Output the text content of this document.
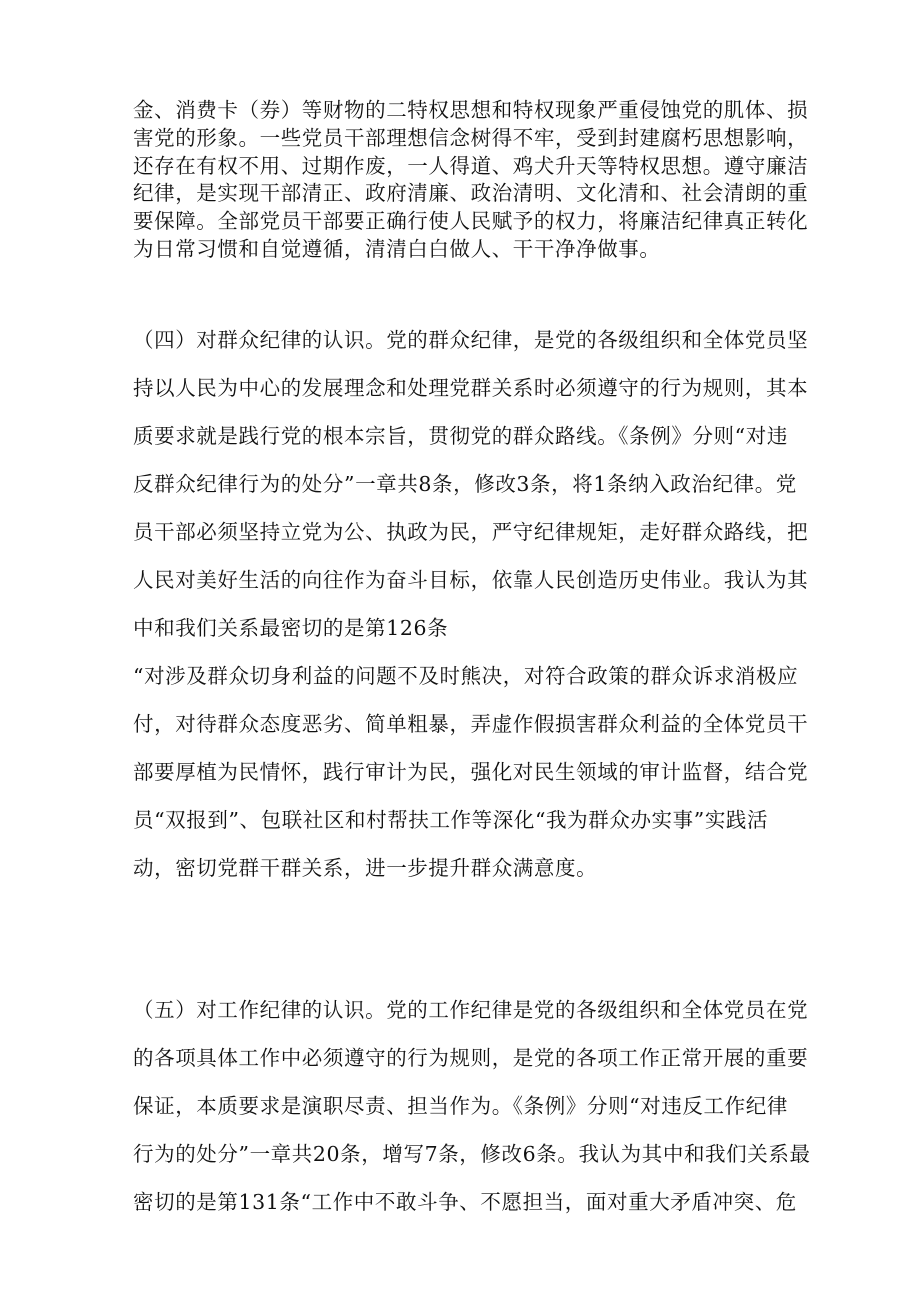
金、消费卡（券）等财物的二特权思想和特权现象严重侵蚀党的肌体、损
害党的形象。一些党员干部理想信念树得不牢，受到封建腐朽思想影响，
还存在有权不用、过期作废，一人得道、鸡犬升天等特权思想。遵守廉洁
纪律，是实现干部清正、政府清廉、政治清明、文化清和、社会清朗的重
要保障。全部党员干部要正确行使人民赋予的权力，将廉洁纪律真正转化
为日常习惯和自觉遵循，清清白白做人、干干净净做事。
（四）对群众纪律的认识。党的群众纪律，是党的各级组织和全体党员坚
持以人民为中心的发展理念和处理党群关系时必须遵守的行为规则，其本
质要求就是践行党的根本宗旨，贯彻党的群众路线。《条例》分则“对违
反群众纪律行为的处分”一章共8条，修改3条，将1条纳入政治纪律。党
员干部必须坚持立党为公、执政为民，严守纪律规矩，走好群众路线，把
人民对美好生活的向往作为奋斗目标，依靠人民创造历史伟业。我认为其
中和我们关系最密切的是第126条
“对涉及群众切身利益的问题不及时熊决，对符合政策的群众诉求消极应
付，对待群众态度恶劣、简单粗暴，弄虚作假损害群众利益的全体党员干
部要厚植为民情怀，践行审计为民，强化对民生领域的审计监督，结合党
员“双报到”、包联社区和村帮扶工作等深化“我为群众办实事”实践活
动，密切党群干群关系，进一步提升群众满意度。
（五）对工作纪律的认识。党的工作纪律是党的各级组织和全体党员在党
的各项具体工作中必须遵守的行为规则，是党的各项工作正常开展的重要
保证，本质要求是演职尽责、担当作为。《条例》分则“对违反工作纪律
行为的处分”一章共20条，增写7条，修改6条。我认为其中和我们关系最
密切的是第131条“工作中不敢斗争、不愿担当，面对重大矛盾冲突、危
